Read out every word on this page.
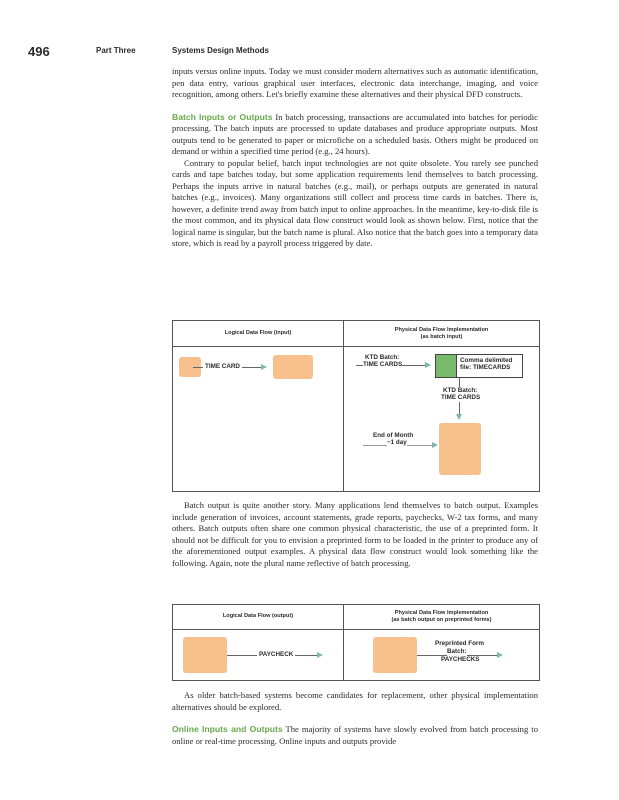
496	Part Three	Systems Design Methods

inputs versus online inputs. Today we must consider modern alternatives such as automatic identification, pen data entry, various graphical user interfaces, electronic data interchange, imaging, and voice recognition, among others. Let's briefly examine these alternatives and their physical DFD constructs.

Batch Inputs or Outputs In batch processing, transactions are accumulated into batches for periodic processing. The batch inputs are processed to update databases and produce appropriate outputs. Most outputs tend to be generated to paper or microfiche on a scheduled basis. Others might be produced on demand or within a specified time period (e.g., 24 hours).

Contrary to popular belief, batch input technologies are not quite obsolete. You rarely see punched cards and tape batches today, but some application requirements lend themselves to batch processing. Perhaps the inputs arrive in natural batches (e.g., mail), or perhaps outputs are generated in natural batches (e.g., invoices). Many organizations still collect and process time cards in batches. There is, however, a definite trend away from batch input to online approaches. In the meantime, key-to-disk file is the most common, and its physical data flow construct would look as shown below. First, notice that the logical name is singular, but the batch name is plural. Also notice that the batch goes into a temporary data store, which is read by a payroll process triggered by date.

Logical Data Flow (input)	Physical Data Flow Implementation
(as batch input)
TIME CARD
KTD Batch:
TIME CARDS
Comma delimited
file: TIMECARDS
KTD Batch:
TIME CARDS
End of Month
−1 day

Batch output is quite another story. Many applications lend themselves to batch output. Examples include generation of invoices, account statements, grade reports, paychecks, W-2 tax forms, and many others. Batch outputs often share one common physical characteristic, the use of a preprinted form. It should not be difficult for you to envision a preprinted form to be loaded in the printer to produce any of the aforementioned output examples. A physical data flow construct would look something like the following. Again, note the plural name reflective of batch processing.

Logical Data Flow (output)	Physical Data Flow Implementation
(as batch output on preprinted forms)
PAYCHECK
Preprinted Form
Batch:
PAYCHECKS

As older batch-based systems become candidates for replacement, other physical implementation alternatives should be explored.

Online Inputs and Outputs The majority of systems have slowly evolved from batch processing to online or real-time processing. Online inputs and outputs provide
